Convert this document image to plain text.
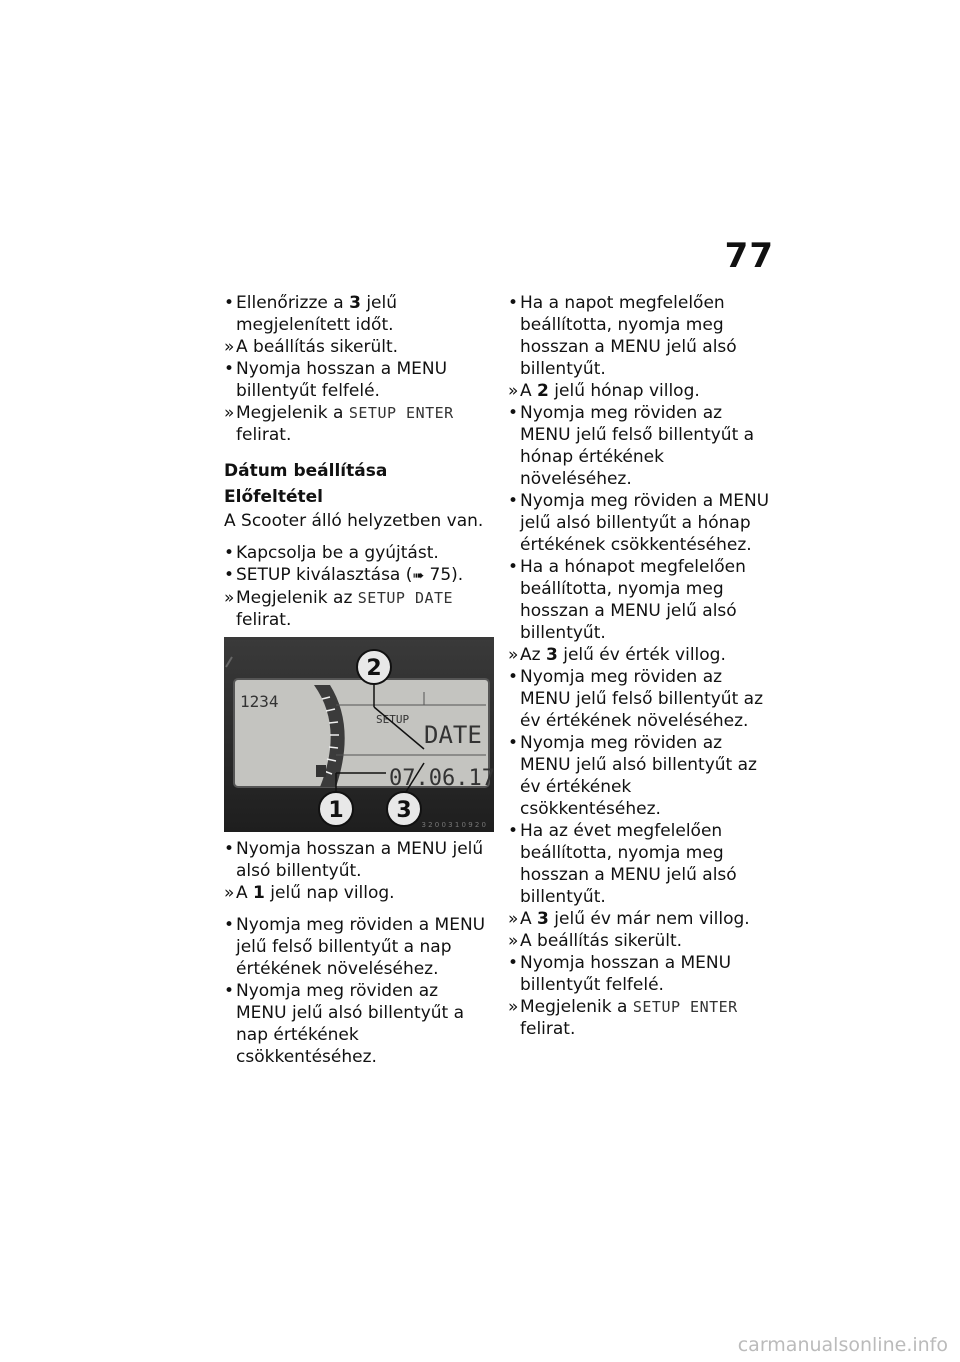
77
• Ellenőrizze a 3 jelű megjelenített időt.
» A beállítás sikerült.
• Nyomja hosszan a MENU billentyűt felfelé.
» Megjelenik a SETUP ENTER felirat.
Dátum beállítása
Előfeltétel
A Scooter álló helyzetben van.
• Kapcsolja be a gyújtást.
• SETUP kiválasztása (➠ 75).
» Megjelenik az SETUP DATE felirat.
1234
SETUP
DATE
07.06.17
2
1 3
3 2 0 0 3 1 0 9 2 0
• Nyomja hosszan a MENU jelű alsó billentyűt.
» A 1 jelű nap villog.
• Nyomja meg röviden a MENU jelű felső billentyűt a nap értékének növeléséhez.
• Nyomja meg röviden az MENU jelű alsó billentyűt a nap értékének csökkentéséhez.
• Ha a napot megfelelően beállította, nyomja meg hosszan a MENU jelű alsó billentyűt.
» A 2 jelű hónap villog.
• Nyomja meg röviden az MENU jelű felső billentyűt a hónap értékének növeléséhez.
• Nyomja meg röviden a MENU jelű alsó billentyűt a hónap értékének csökkentéséhez.
• Ha a hónapot megfelelően beállította, nyomja meg hosszan a MENU jelű alsó billentyűt.
» Az 3 jelű év érték villog.
• Nyomja meg röviden az MENU jelű felső billentyűt az év értékének növeléséhez.
• Nyomja meg röviden az MENU jelű alsó billentyűt az év értékének csökkentéséhez.
• Ha az évet megfelelően beállította, nyomja meg hosszan a MENU jelű alsó billentyűt.
» A 3 jelű év már nem villog.
» A beállítás sikerült.
• Nyomja hosszan a MENU billentyűt felfelé.
» Megjelenik a SETUP ENTER felirat.
carmanualsonline.info
